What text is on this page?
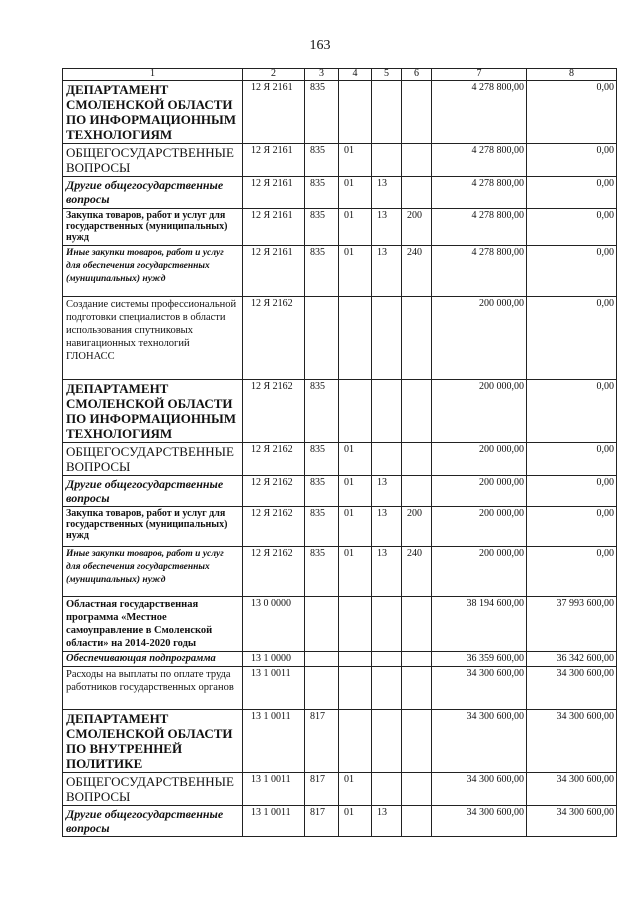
163
1	2	3	4	5	6	7	8
ДЕПАРТАМЕНТ СМОЛЕНСКОЙ ОБЛАСТИ ПО ИНФОРМАЦИОННЫМ ТЕХНОЛОГИЯМ	12 Я 2161	835				4 278 800,00	0,00
ОБЩЕГОСУДАРСТВЕННЫЕ ВОПРОСЫ	12 Я 2161	835	01			4 278 800,00	0,00
Другие общегосударственные вопросы	12 Я 2161	835	01	13		4 278 800,00	0,00
Закупка товаров, работ и услуг для государственных (муниципальных) нужд	12 Я 2161	835	01	13	200	4 278 800,00	0,00
Иные закупки товаров, работ и услуг для обеспечения государственных (муниципальных) нужд	12 Я 2161	835	01	13	240	4 278 800,00	0,00
Создание системы профессиональной подготовки специалистов в области использования спутниковых навигационных технологий ГЛОНАСС	12 Я 2162					200 000,00	0,00
ДЕПАРТАМЕНТ СМОЛЕНСКОЙ ОБЛАСТИ ПО ИНФОРМАЦИОННЫМ ТЕХНОЛОГИЯМ	12 Я 2162	835				200 000,00	0,00
ОБЩЕГОСУДАРСТВЕННЫЕ ВОПРОСЫ	12 Я 2162	835	01			200 000,00	0,00
Другие общегосударственные вопросы	12 Я 2162	835	01	13		200 000,00	0,00
Закупка товаров, работ и услуг для государственных (муниципальных) нужд	12 Я 2162	835	01	13	200	200 000,00	0,00
Иные закупки товаров, работ и услуг для обеспечения государственных (муниципальных) нужд	12 Я 2162	835	01	13	240	200 000,00	0,00
Областная государственная программа «Местное самоуправление в Смоленской области» на 2014-2020 годы	13 0 0000					38 194 600,00	37 993 600,00
Обеспечивающая подпрограмма	13 1 0000					36 359 600,00	36 342 600,00
Расходы на выплаты по оплате труда работников государственных органов	13 1 0011					34 300 600,00	34 300 600,00
ДЕПАРТАМЕНТ СМОЛЕНСКОЙ ОБЛАСТИ ПО ВНУТРЕННЕЙ ПОЛИТИКЕ	13 1 0011	817				34 300 600,00	34 300 600,00
ОБЩЕГОСУДАРСТВЕННЫЕ ВОПРОСЫ	13 1 0011	817	01			34 300 600,00	34 300 600,00
Другие общегосударственные вопросы	13 1 0011	817	01	13		34 300 600,00	34 300 600,00
